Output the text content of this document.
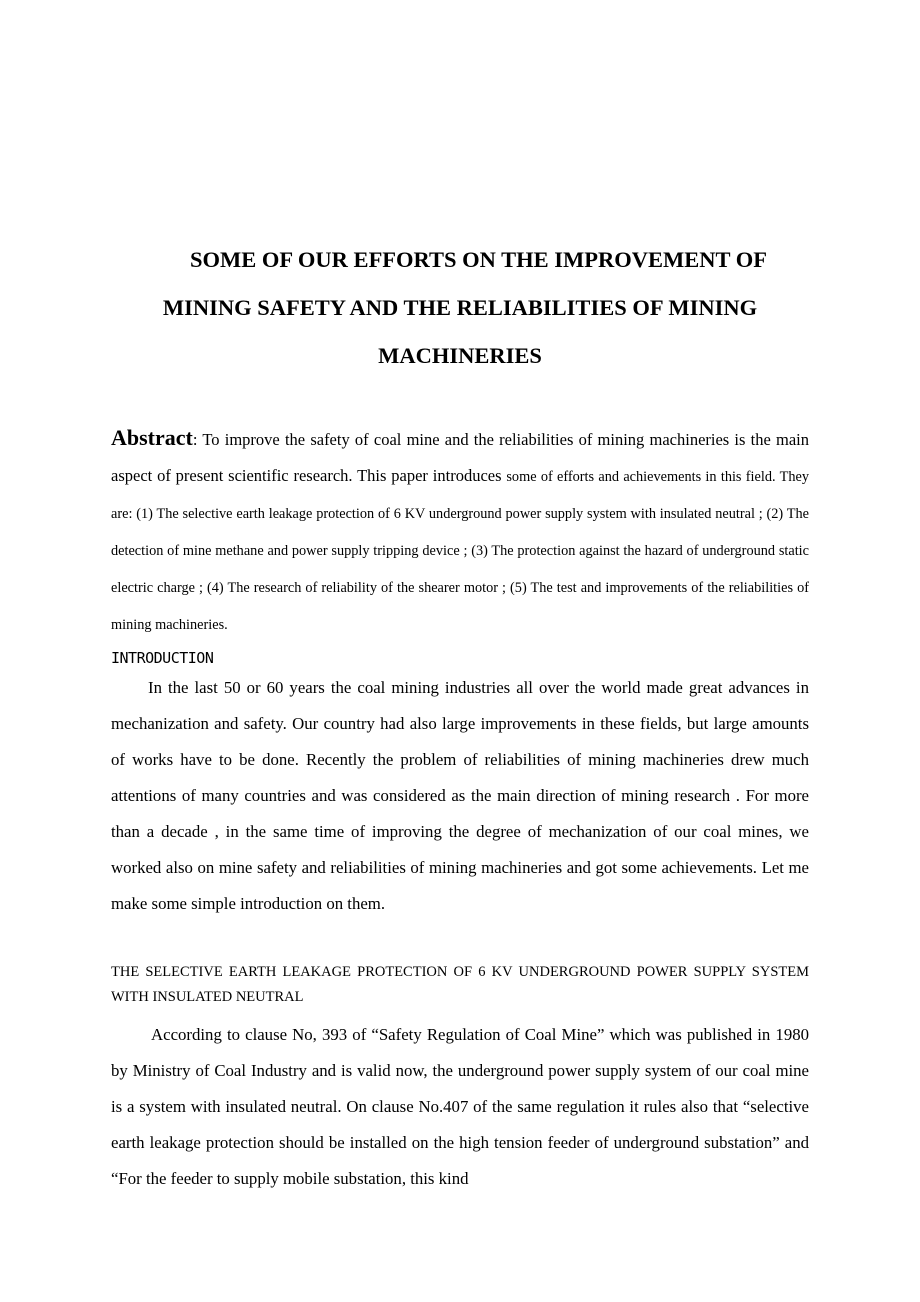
SOME OF OUR EFFORTS ON THE IMPROVEMENT OF
MINING SAFETY AND THE RELIABILITIES OF MINING
MACHINERIES
Abstract: To improve the safety of coal mine and the reliabilities of mining machineries is the main aspect of present scientific research. This paper introduces some of efforts and achievements in this field. They are: (1) The selective earth leakage protection of 6 KV underground power supply system with insulated neutral ; (2) The detection of mine methane and power supply tripping device ; (3) The protection against the hazard of underground static electric charge ; (4) The research of reliability of the shearer motor ; (5) The test and improvements of the reliabilities of mining machineries.
INTRODUCTION
In the last 50 or 60 years the coal mining industries all over the world made great advances in mechanization and safety. Our country had also large improvements in these fields, but large amounts of works have to be done. Recently the problem of reliabilities of mining machineries drew much attentions of many countries and was considered as the main direction of mining research . For more than a decade , in the same time of improving the degree of mechanization of our coal mines, we worked also on mine safety and reliabilities of mining machineries and got some achievements. Let me make some simple introduction on them.
THE SELECTIVE EARTH LEAKAGE PROTECTION OF 6 KV UNDERGROUND POWER SUPPLY SYSTEM WITH INSULATED NEUTRAL
According to clause No, 393 of “Safety Regulation of Coal Mine” which was published in 1980 by Ministry of Coal Industry and is valid now, the underground power supply system of our coal mine is a system with insulated neutral. On clause No.407 of the same regulation it rules also that “selective earth leakage protection should be installed on the high tension feeder of underground substation” and “For the feeder to supply mobile substation, this kind
